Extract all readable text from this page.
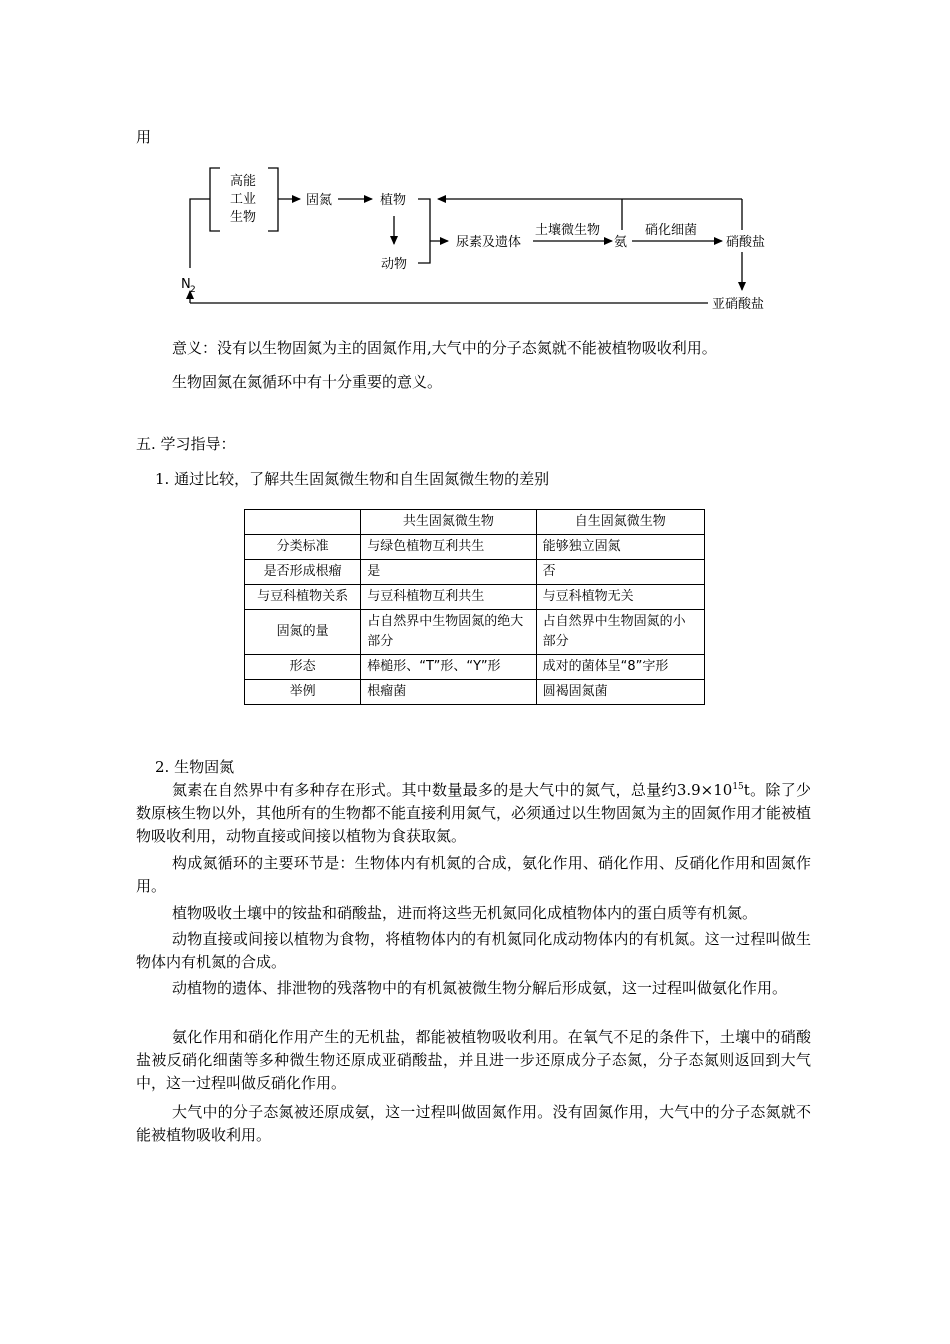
用
高能
工业
生物
固氮	植物
动物
尿素及遗体
土壤微生物
氨
硝化细菌
硝酸盐
亚硝酸盐
N 2
意义：没有以生物固氮为主的固氮作用,大气中的分子态氮就不能被植物吸收利用。
生物固氮在氮循环中有十分重要的意义。
五. 学习指导：
1. 通过比较，了解共生固氮微生物和自生固氮微生物的差别
	共生固氮微生物	自生固氮微生物
分类标准	与绿色植物互利共生	能够独立固氮
是否形成根瘤	是	否
与豆科植物关系	与豆科植物互利共生	与豆科植物无关
固氮的量	占自然界中生物固氮的绝大部分	占自然界中生物固氮的小部分
形态	棒槌形、“T”形、“Y”形	成对的菌体呈“8”字形
举例	根瘤菌	圆褐固氮菌
2. 生物固氮
氮素在自然界中有多种存在形式。其中数量最多的是大气中的氮气，总量约$3.9\times 10^{15}t$。除了少数原核生物以外，其他所有的生物都不能直接利用氮气，必须通过以生物固氮为主的固氮作用才能被植物吸收利用，动物直接或间接以植物为食获取氮。
构成氮循环的主要环节是：生物体内有机氮的合成，氨化作用、硝化作用、反硝化作用和固氮作用。
植物吸收土壤中的铵盐和硝酸盐，进而将这些无机氮同化成植物体内的蛋白质等有机氮。
动物直接或间接以植物为食物，将植物体内的有机氮同化成动物体内的有机氮。这一过程叫做生物体内有机氮的合成。
动植物的遗体、排泄物的残落物中的有机氮被微生物分解后形成氨，这一过程叫做氨化作用。
氨化作用和硝化作用产生的无机盐，都能被植物吸收利用。在氧气不足的条件下，土壤中的硝酸盐被反硝化细菌等多种微生物还原成亚硝酸盐，并且进一步还原成分子态氮，分子态氮则返回到大气中，这一过程叫做反硝化作用。
大气中的分子态氮被还原成氨，这一过程叫做固氮作用。没有固氮作用，大气中的分子态氮就不能被植物吸收利用。
